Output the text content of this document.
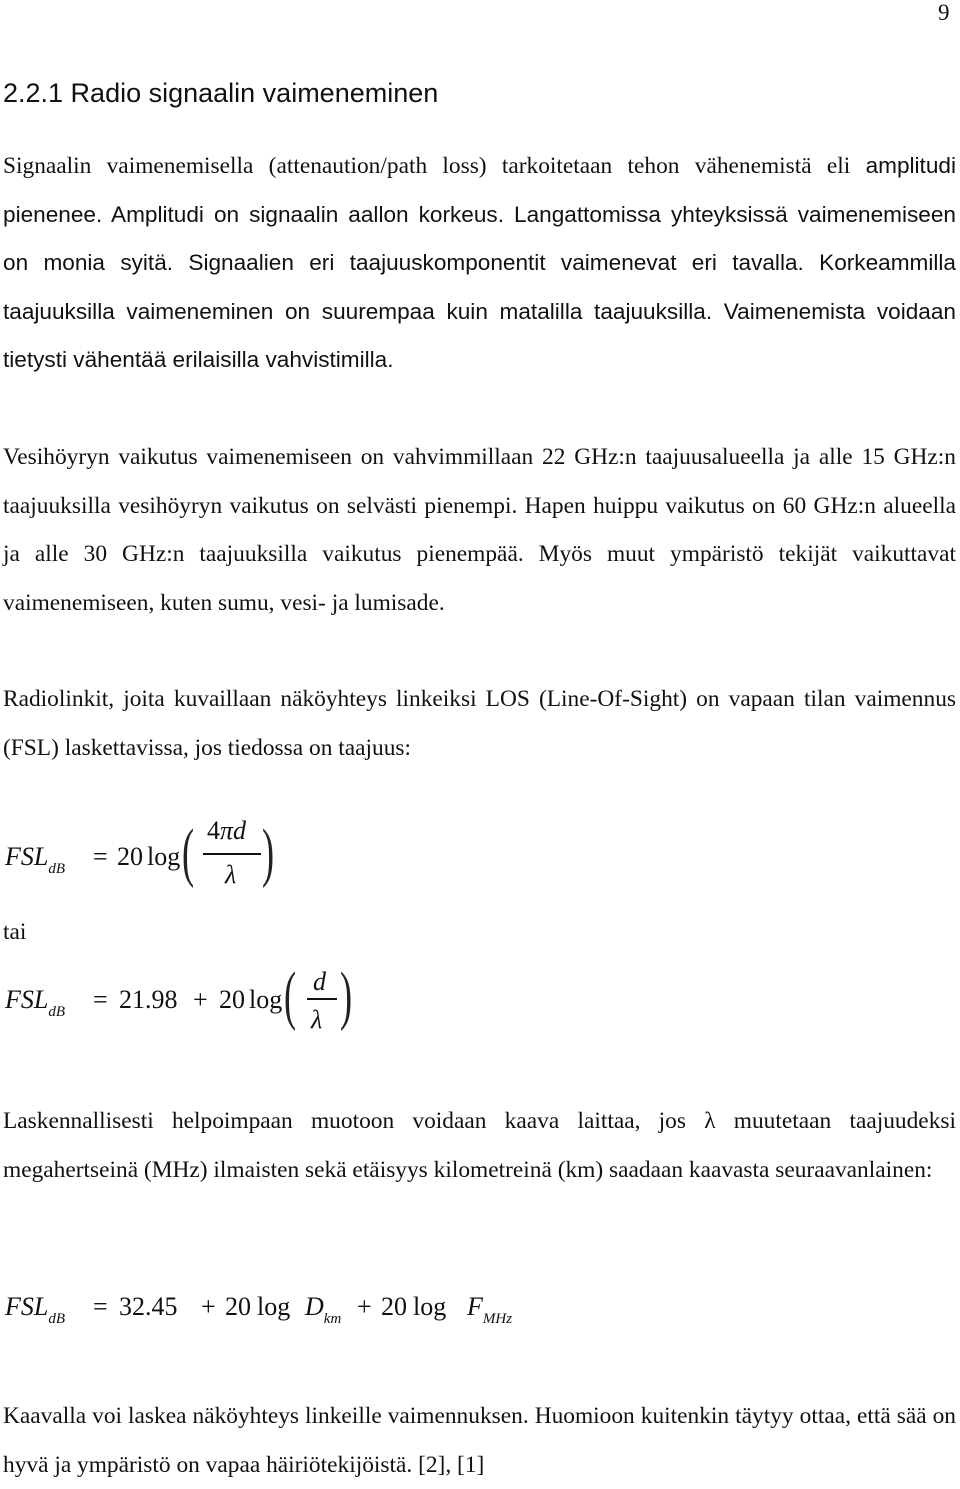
9
2.2.1 Radio signaalin vaimeneminen

Signaalin vaimenemisella (attenaution/path loss) tarkoitetaan tehon vähenemistä eli amplitudi pienenee. Amplitudi on signaalin aallon korkeus. Langattomissa yhteyksissä vaimenemiseen on monia syitä. Signaalien eri taajuuskomponentit vaimenevat eri tavalla. Korkeammilla taajuuksilla vaimeneminen on suurempaa kuin matalilla taajuuksilla. Vaimenemista voidaan tietysti vähentää erilaisilla vahvistimilla.

Vesihöyryn vaikutus vaimenemiseen on vahvimmillaan 22 GHz:n taajuusalueella ja alle 15 GHz:n taajuuksilla vesihöyryn vaikutus on selvästi pienempi. Hapen huippu vaikutus on 60 GHz:n alueella ja alle 30 GHz:n taajuuksilla vaikutus pienempää. Myös muut ympäristö tekijät vaikuttavat vaimenemiseen, kuten sumu, vesi- ja lumisade.

Radiolinkit, joita kuvaillaan näköyhteys linkeiksi LOS (Line-Of-Sight) on vapaan tilan vaimennus (FSL) laskettavissa, jos tiedossa on taajuus:

$FSL_{dB} = 20$ log ( 4πd
λ )
tai
$FSL_{dB} = 21.98 + 20$ log ( d
λ )

Laskennallisesti helpoimpaan muotoon voidaan kaava laittaa, jos λ muutetaan taajuudeksi megahertseinä (MHz) ilmaisten sekä etäisyys kilometreinä (km) saadaan kaavasta seuraavanlainen:

$FSL_{dB} = 32.45 + 20$ $\log D_{km} + 20$ $\log F_{MHz}$

Kaavalla voi laskea näköyhteys linkeille vaimennuksen. Huomioon kuitenkin täytyy ottaa, että sää on hyvä ja ympäristö on vapaa häiriötekijöistä. [2], [1]
